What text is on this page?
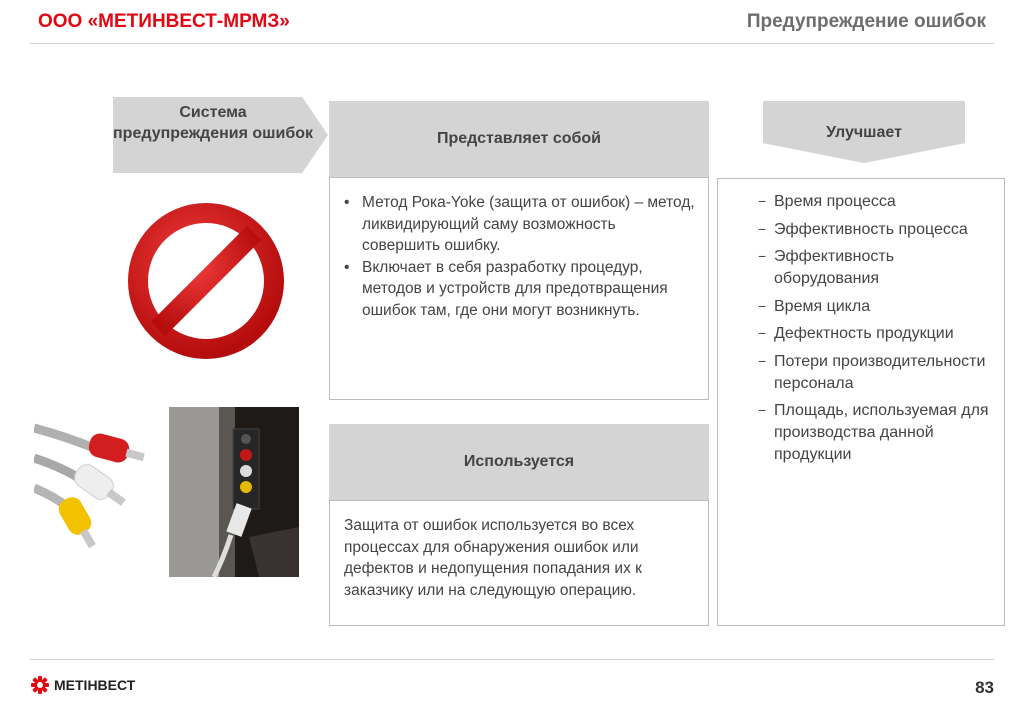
ООО «МЕТИНВЕСТ-МРМЗ»	Предупреждение ошибок
Система предупреждения ошибок	Представляет собой
• Метод Рока-Yoke (защита от ошибок) – метод, ликвидирующий саму возможность совершить ошибку.
• Включает в себя разработку процедур, методов и устройств для предотвращения ошибок там, где они могут возникнуть.
Используется

Защита от ошибок используется во всех процессах для обнаружения ошибок или дефектов и недопущения попадания их к заказчику или на следующую операцию.

Улучшает
− Время процесса
− Эффективность процесса
− Эффективность оборудования
− Время цикла
− Дефектность продукции
− Потери производительности персонала
− Площадь, используемая для производства данной продукции
МЕТІНВЕСТ	83
